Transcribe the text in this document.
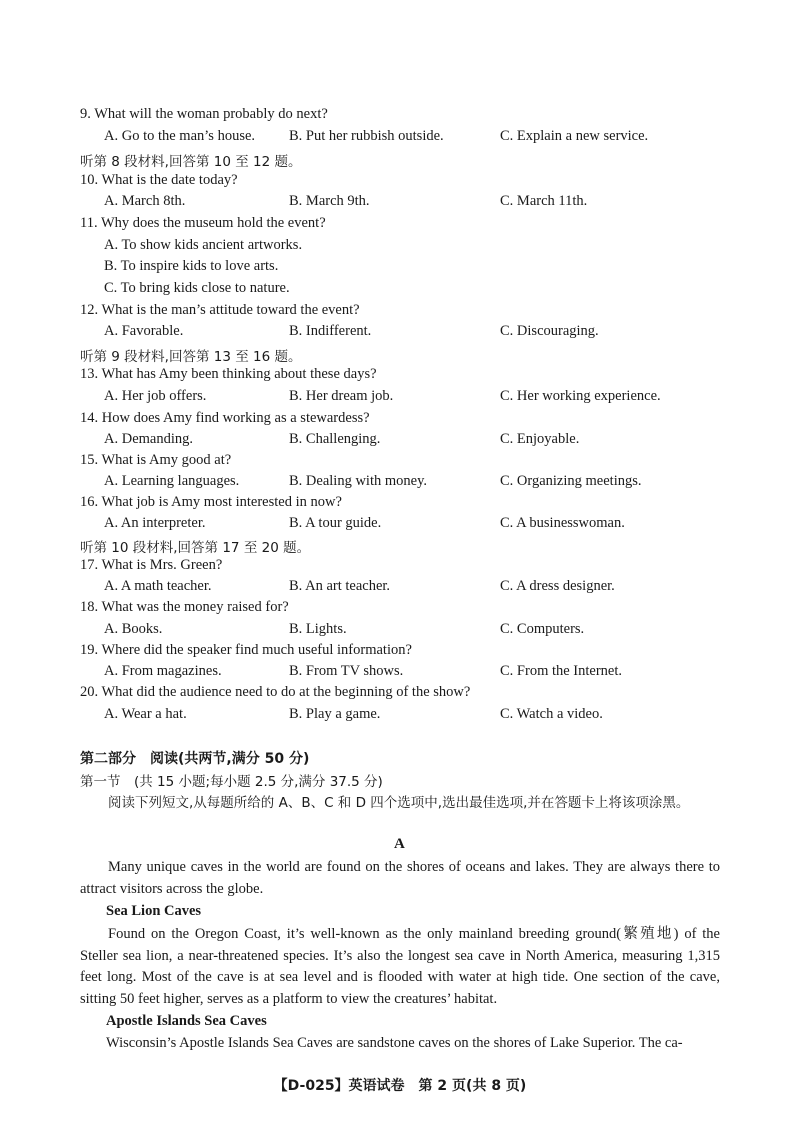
9. What will the woman probably do next?
A. Go to the man’s house. B. Put her rubbish outside.	C. Explain a new service.
听第 8 段材料,回答第 10 至 12 题。
10. What is the date today?
A. March 8th.	B. March 9th.	C. March 11th.
11. Why does the museum hold the event?
A. To show kids ancient artworks.
B. To inspire kids to love arts.
C. To bring kids close to nature.
12. What is the man’s attitude toward the event?
A. Favorable.	B. Indifferent.	C. Discouraging.
听第 9 段材料,回答第 13 至 16 题。
13. What has Amy been thinking about these days?
A. Her job offers.	B. Her dream job.	C. Her working experience.
14. How does Amy find working as a stewardess?
A. Demanding.	B. Challenging.	C. Enjoyable.
15. What is Amy good at?
A. Learning languages.	B. Dealing with money.	C. Organizing meetings.
16. What job is Amy most interested in now?
A. An interpreter.	B. A tour guide.	C. A businesswoman.
听第 10 段材料,回答第 17 至 20 题。
17. What is Mrs. Green?
A. A math teacher.	B. An art teacher.	C. A dress designer.
18. What was the money raised for?
A. Books.	B. Lights.	C. Computers.
19. Where did the speaker find much useful information?
A. From magazines.	B. From TV shows.	C. From the Internet.
20. What did the audience need to do at the beginning of the show?
A. Wear a hat.	B. Play a game.	C. Watch a video.
第二部分　阅读(共两节,满分 50 分)
第一节　(共 15 小题;每小题 2.5 分,满分 37.5 分)
阅读下列短文,从每题所给的 A、B、C 和 D 四个选项中,选出最佳选项,并在答题卡上将该项涂黑。
A
Many unique caves in the world are found on the shores of oceans and lakes. They are always there to attract visitors across the globe.
Sea Lion Caves
Found on the Oregon Coast, it’s well-known as the only mainland breeding ground(繁殖地) of the Steller sea lion, a near-threatened species. It’s also the longest sea cave in North America, measuring 1,315 feet long. Most of the cave is at sea level and is flooded with water at high tide. One section of the cave, sitting 50 feet higher, serves as a platform to view the creatures’ habitat.
Apostle Islands Sea Caves
Wisconsin’s Apostle Islands Sea Caves are sandstone caves on the shores of Lake Superior. The ca-
【D-025】英语试卷　第 2 页(共 8 页)
